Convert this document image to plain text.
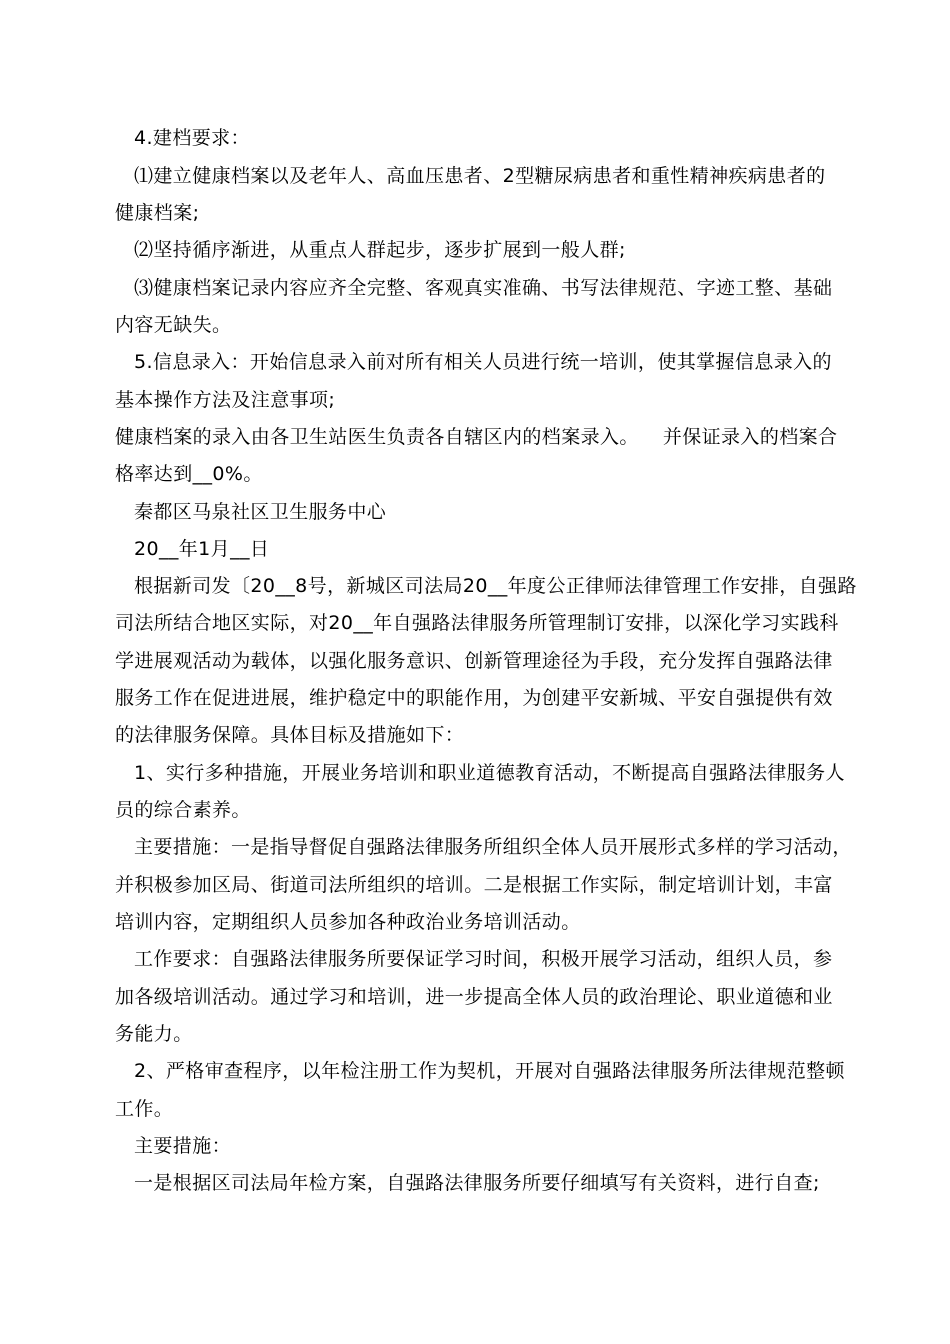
4.建档要求：
⑴建立健康档案以及老年人、高血压患者、2型糖尿病患者和重性精神疾病患者的
健康档案;
⑵坚持循序渐进，从重点人群起步，逐步扩展到一般人群;
⑶健康档案记录内容应齐全完整、客观真实准确、书写法律规范、字迹工整、基础
内容无缺失。
5.信息录入：开始信息录入前对所有相关人员进行统一培训，使其掌握信息录入的
基本操作方法及注意事项;
健康档案的录入由各卫生站医生负责各自辖区内的档案录入。 并保证录入的档案合
格率达到__0%。
秦都区马泉社区卫生服务中心
20__年1月__日
根据新司发〔20__8号，新城区司法局20__年度公正律师法律管理工作安排，自强路
司法所结合地区实际，对20__年自强路法律服务所管理制订安排，以深化学习实践科
学进展观活动为载体，以强化服务意识、创新管理途径为手段，充分发挥自强路法律
服务工作在促进进展，维护稳定中的职能作用，为创建平安新城、平安自强提供有效
的法律服务保障。具体目标及措施如下：
1、实行多种措施，开展业务培训和职业道德教育活动，不断提高自强路法律服务人
员的综合素养。
主要措施：一是指导督促自强路法律服务所组织全体人员开展形式多样的学习活动，
并积极参加区局、街道司法所组织的培训。二是根据工作实际，制定培训计划，丰富
培训内容，定期组织人员参加各种政治业务培训活动。
工作要求：自强路法律服务所要保证学习时间，积极开展学习活动，组织人员，参
加各级培训活动。通过学习和培训，进一步提高全体人员的政治理论、职业道德和业
务能力。
2、严格审查程序，以年检注册工作为契机，开展对自强路法律服务所法律规范整顿
工作。
主要措施：
一是根据区司法局年检方案，自强路法律服务所要仔细填写有关资料，进行自查;
